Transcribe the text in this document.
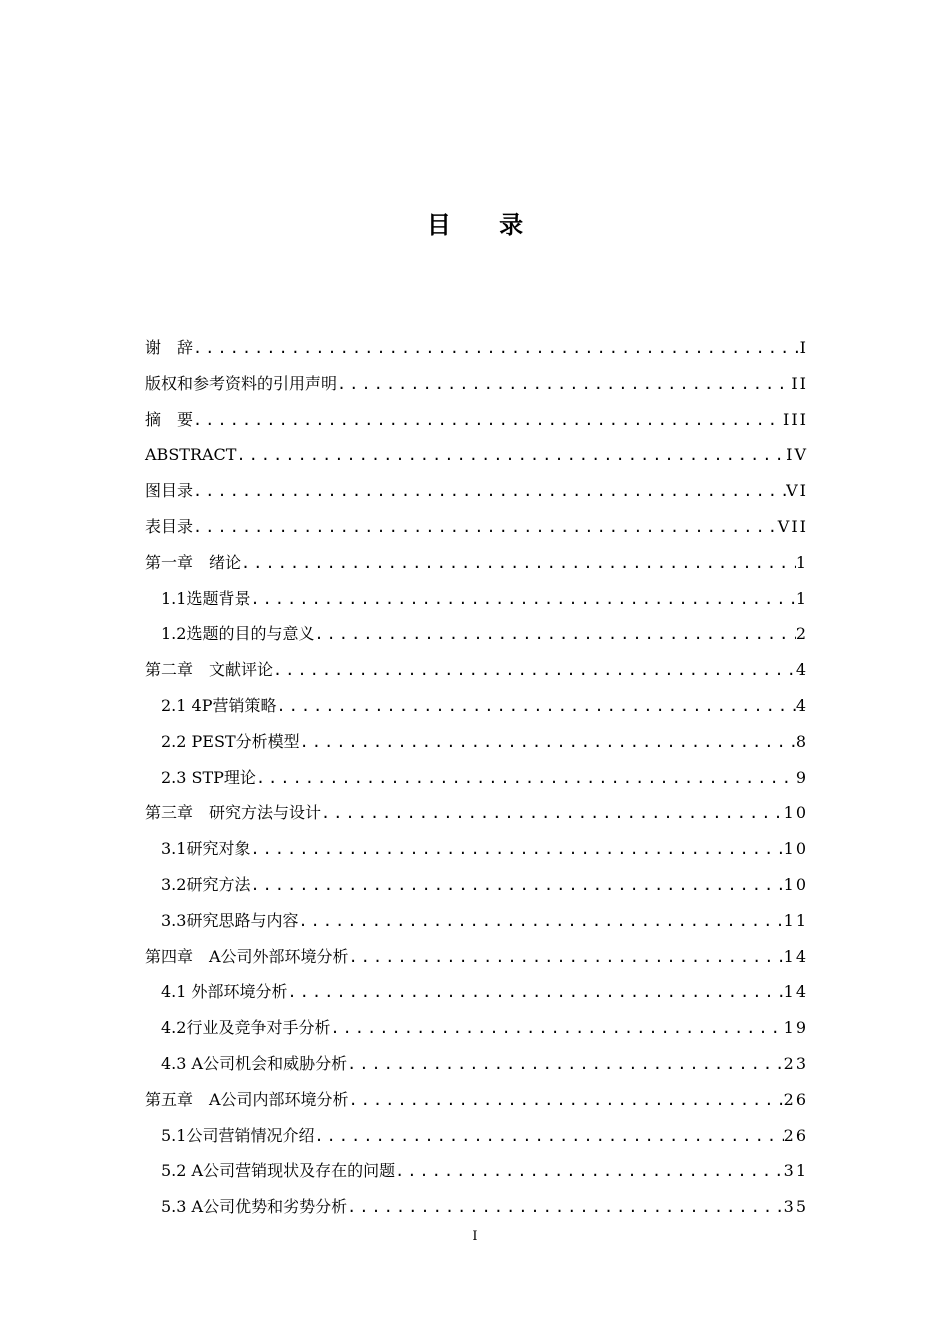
目 录
谢　辞 .....	I
版权和参考资料的引用声明 .....	II
摘　要 .....	III
ABSTRACT .....	IV
图目录 .....	VI
表目录 .....	VII
第一章　绪论 .....	1
1.1选题背景 .....	1
1.2选题的目的与意义 .....	2
第二章　文献评论 .....	4
2.1 4P营销策略 .....	4
2.2 PEST分析模型 .....	8
2.3 STP理论 .....	9
第三章　研究方法与设计 .....	10
3.1研究对象 .....	10
3.2研究方法 .....	10
3.3研究思路与内容 .....	11
第四章　A公司外部环境分析 .....	14
4.1 外部环境分析 .....	14
4.2行业及竞争对手分析 .....	19
4.3 A公司机会和威胁分析 .....	23
第五章　A公司内部环境分析 .....	26
5.1公司营销情况介绍 .....	26
5.2 A公司营销现状及存在的问题 .....	31
5.3 A公司优势和劣势分析 .....	35
I
